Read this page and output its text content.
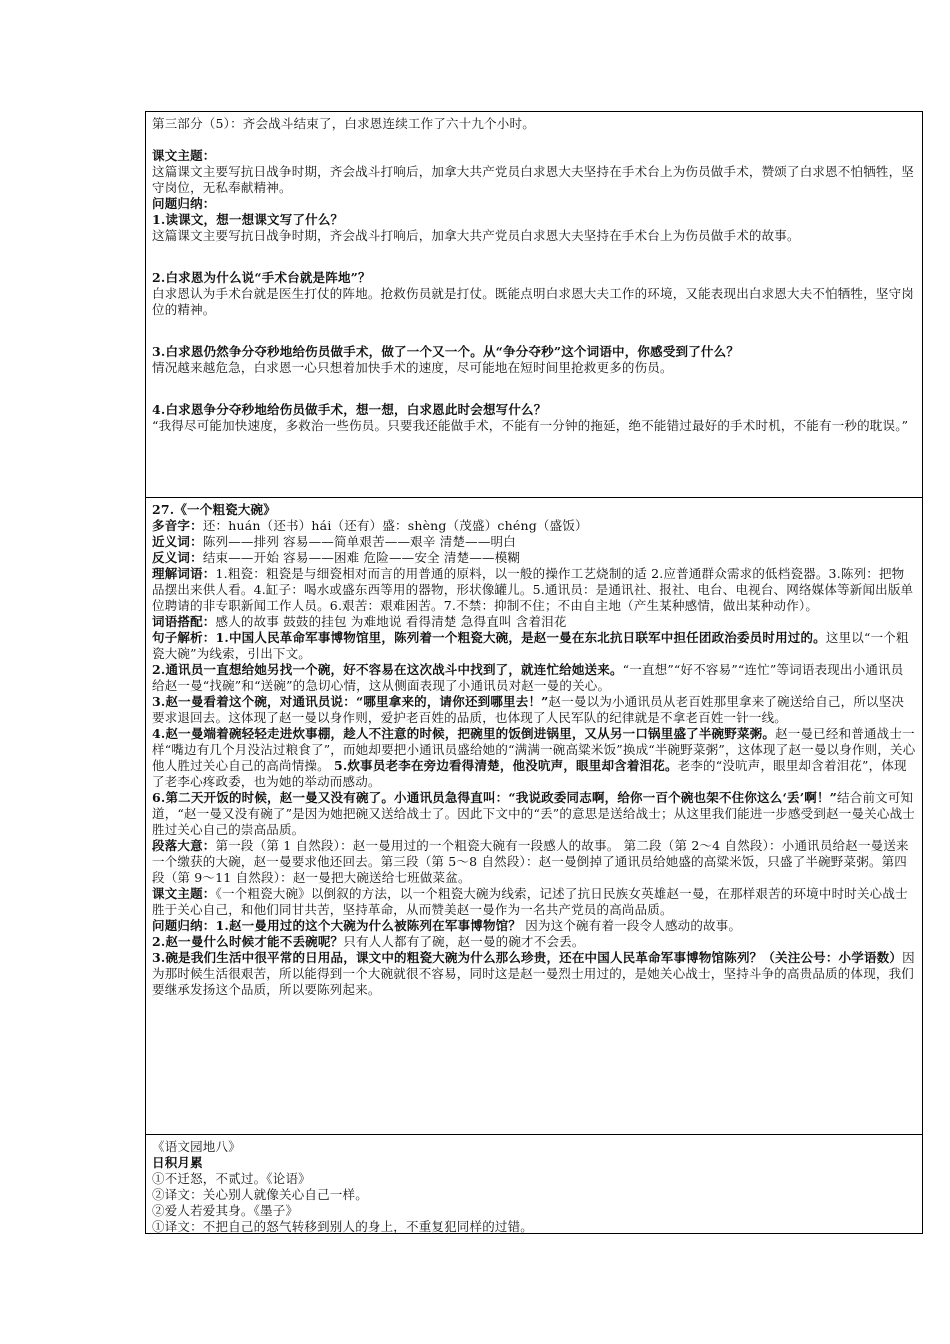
第三部分（5）：齐会战斗结束了，白求恩连续工作了六十九个小时。

课文主题：

这篇课文主要写抗日战争时期，齐会战斗打响后，加拿大共产党员白求恩大夫坚持在手术台上为伤员做手术，赞颂了白求恩不怕牺牲，坚守岗位，无私奉献精神。

问题归纳：

1.读课文，想一想课文写了什么？

这篇课文主要写抗日战争时期，齐会战斗打响后，加拿大共产党员白求恩大夫坚持在手术台上为伤员做手术的故事。

2.白求恩为什么说“手术台就是阵地”？

白求恩认为手术台就是医生打仗的阵地。抢救伤员就是打仗。既能点明白求恩大夫工作的环境，又能表现出白求恩大夫不怕牺牲，坚守岗位的精神。

3.白求恩仍然争分夺秒地给伤员做手术，做了一个又一个。从“争分夺秒”这个词语中，你感受到了什么？

情况越来越危急，白求恩一心只想着加快手术的速度，尽可能地在短时间里抢救更多的伤员。

4.白求恩争分夺秒地给伤员做手术，想一想，白求恩此时会想写什么？

“我得尽可能加快速度，多救治一些伤员。只要我还能做手术，不能有一分钟的拖延，绝不能错过最好的手术时机，不能有一秒的耽误。”

27.《一个粗瓷大碗》

多音字：还：huán（还书）hái（还有）盛：shèng（茂盛）chéng（盛饭）

近义词：陈列——排列 容易——简单艰苦——艰辛 清楚——明白

反义词：结束——开始 容易——困难 危险——安全 清楚——模糊

理解词语：1.粗瓷：粗瓷是与细瓷相对而言的用普通的原料，以一般的操作工艺烧制的适 2.应普通群众需求的低档瓷器。3.陈列：把物品摆出来供人看。4.缸子：喝水或盛东西等用的器物，形状像罐儿。5.通讯员：是通讯社、报社、电台、电视台、网络媒体等新闻出版单位聘请的非专职新闻工作人员。6.艰苦：艰难困苦。7.不禁：抑制不住；不由自主地（产生某种感情，做出某种动作）。

词语搭配：感人的故事 鼓鼓的挂包 为难地说 看得清楚 急得直叫 含着泪花

句子解析：1.中国人民革命军事博物馆里，陈列着一个粗瓷大碗，是赵一曼在东北抗日联军中担任团政治委员时用过的。这里以“一个粗瓷大碗”为线索，引出下文。

2.通讯员一直想给她另找一个碗，好不容易在这次战斗中找到了，就连忙给她送来。“一直想”“好不容易”“连忙”等词语表现出小通讯员给赵一曼“找碗”和“送碗”的急切心情，这从侧面表现了小通讯员对赵一曼的关心。

3.赵一曼看着这个碗，对通讯员说：“哪里拿来的，请你还到哪里去！”赵一曼以为小通讯员从老百姓那里拿来了碗送给自己，所以坚决要求退回去。这体现了赵一曼以身作则，爱护老百姓的品质，也体现了人民军队的纪律就是不拿老百姓一针一线。

4.赵一曼端着碗轻轻走进炊事棚，趁人不注意的时候，把碗里的饭倒进锅里，又从另一口锅里盛了半碗野菜粥。赵一曼已经和普通战士一样“嘴边有几个月没沾过粮食了”，而她却要把小通讯员盛给她的“满满一碗高粱米饭”换成“半碗野菜粥”，这体现了赵一曼以身作则，关心他人胜过关心自己的高尚情操。 5.炊事员老李在旁边看得清楚，他没吭声，眼里却含着泪花。老李的“没吭声，眼里却含着泪花”，体现了老李心疼政委，也为她的举动而感动。

6.第二天开饭的时候，赵一曼又没有碗了。小通讯员急得直叫：“我说政委同志啊，给你一百个碗也架不住你这么‘丢’啊！”结合前文可知道，“赵一曼又没有碗了”是因为她把碗又送给战士了。因此下文中的“丢”的意思是送给战士；从这里我们能进一步感受到赵一曼关心战士胜过关心自己的崇高品质。

段落大意：第一段（第 1 自然段）：赵一曼用过的一个粗瓷大碗有一段感人的故事。 第二段（第 2～4 自然段）：小通讯员给赵一曼送来一个缴获的大碗，赵一曼要求他还回去。第三段（第 5～8 自然段）：赵一曼倒掉了通讯员给她盛的高粱米饭，只盛了半碗野菜粥。第四段（第 9～11 自然段）：赵一曼把大碗送给七班做菜盆。

课文主题：《一个粗瓷大碗》以倒叙的方法，以一个粗瓷大碗为线索，记述了抗日民族女英雄赵一曼，在那样艰苦的环境中时时关心战士胜于关心自己，和他们同甘共苦，坚持革命，从而赞美赵一曼作为一名共产党员的高尚品质。

问题归纳：1.赵一曼用过的这个大碗为什么被陈列在军事博物馆？ 因为这个碗有着一段令人感动的故事。

2.赵一曼什么时候才能不丢碗呢？只有人人都有了碗，赵一曼的碗才不会丢。

3.碗是我们生活中很平常的日用品，课文中的粗瓷大碗为什么那么珍贵，还在中国人民革命军事博物馆陈列？（关注公号：小学语数）因为那时候生活很艰苦，所以能得到一个大碗就很不容易，同时这是赵一曼烈士用过的，是她关心战士，坚持斗争的高贵品质的体现，我们要继承发扬这个品质，所以要陈列起来。

《语文园地八》

日积月累

①不迁怒，不贰过。《论语》

②译文：关心别人就像关心自己一样。

②爱人若爱其身。《墨子》

①译文：不把自己的怒气转移到别人的身上，不重复犯同样的过错。
